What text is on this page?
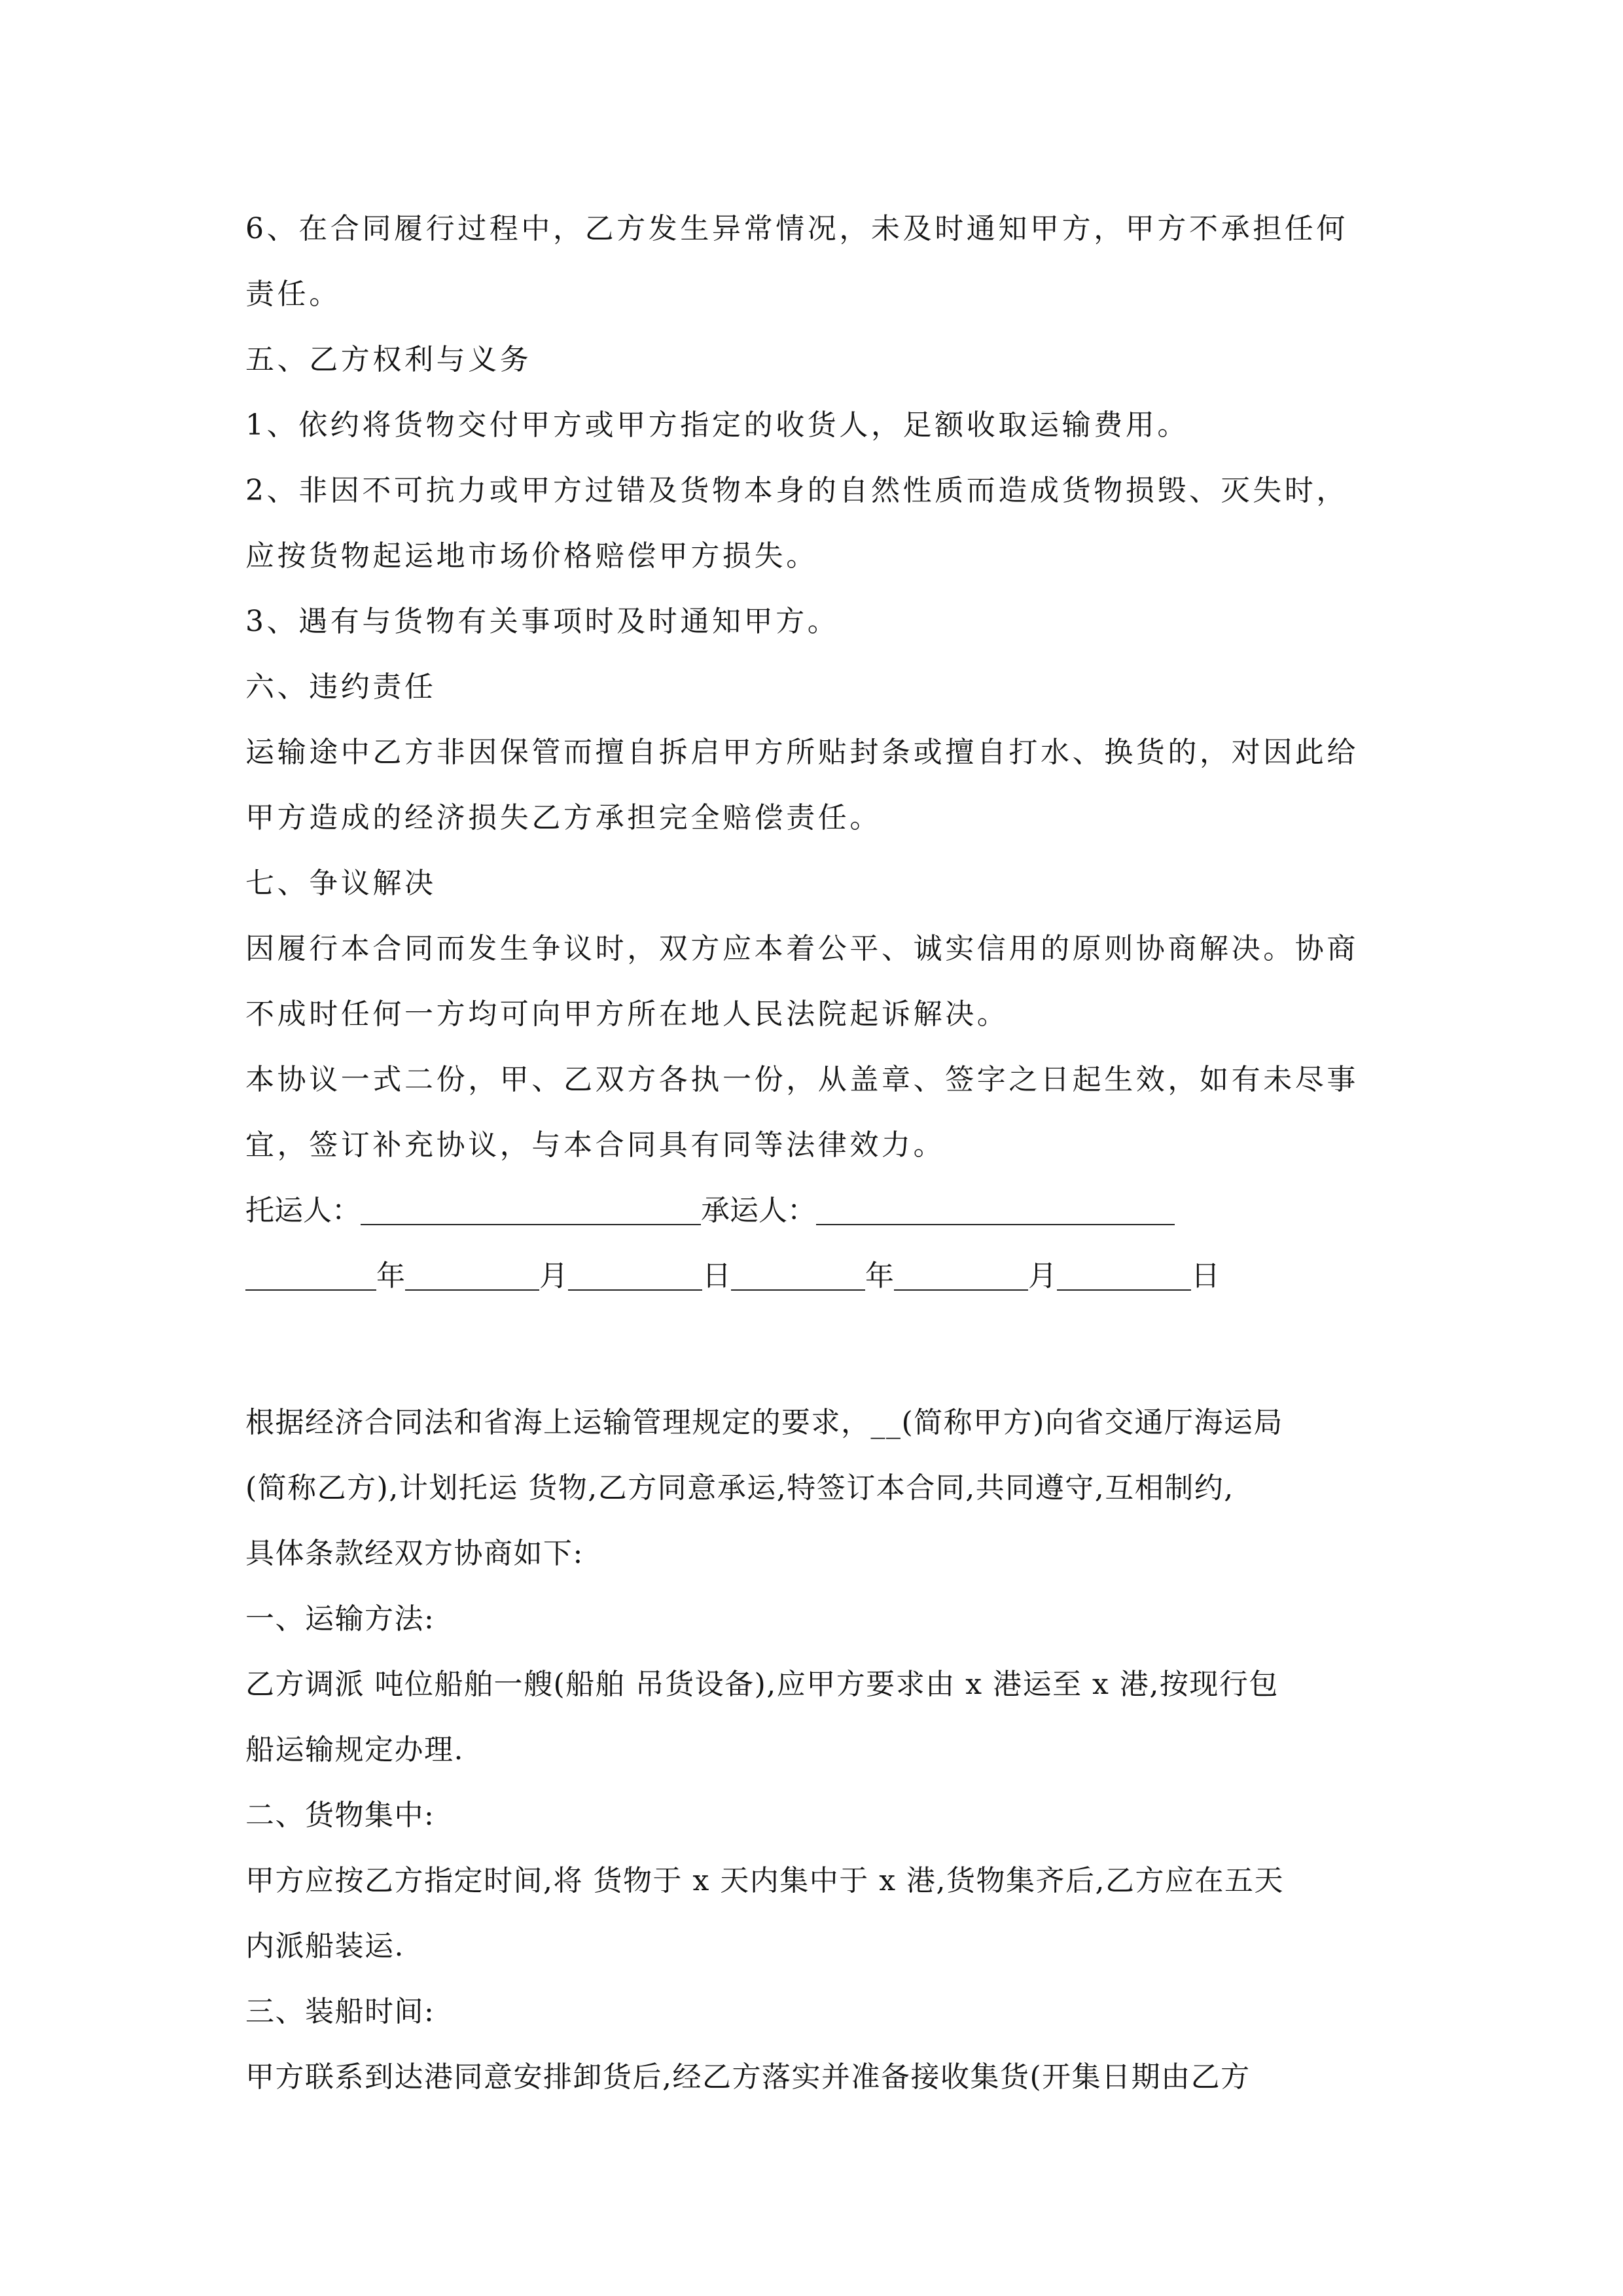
6、在合同履行过程中，乙方发生异常情况，未及时通知甲方，甲方不承担任何
责任。
五、乙方权利与义务
1、依约将货物交付甲方或甲方指定的收货人，足额收取运输费用。
2、非因不可抗力或甲方过错及货物本身的自然性质而造成货物损毁、灭失时，
应按货物起运地市场价格赔偿甲方损失。
3、遇有与货物有关事项时及时通知甲方。
六、违约责任
运输途中乙方非因保管而擅自拆启甲方所贴封条或擅自打水、换货的，对因此给
甲方造成的经济损失乙方承担完全赔偿责任。
七、争议解决
因履行本合同而发生争议时，双方应本着公平、诚实信用的原则协商解决。协商
不成时任何一方均可向甲方所在地人民法院起诉解决。
本协议一式二份，甲、乙双方各执一份，从盖章、签字之日起生效，如有未尽事
宜，签订补充协议，与本合同具有同等法律效力。
托运人：	承运人：
年	月	日	年	月	日
根据经济合同法和省海上运输管理规定的要求，__(简称甲方)向省交通厅海运局
(简称乙方),计划托运 货物,乙方同意承运,特签订本合同,共同遵守,互相制约,
具体条款经双方协商如下:
一、运输方法:
乙方调派 吨位船舶一艘(船舶 吊货设备),应甲方要求由 x 港运至 x 港,按现行包
船运输规定办理.
二、货物集中:
甲方应按乙方指定时间,将 货物于 x 天内集中于 x 港,货物集齐后,乙方应在五天
内派船装运.
三、装船时间:
甲方联系到达港同意安排卸货后,经乙方落实并准备接收集货(开集日期由乙方
